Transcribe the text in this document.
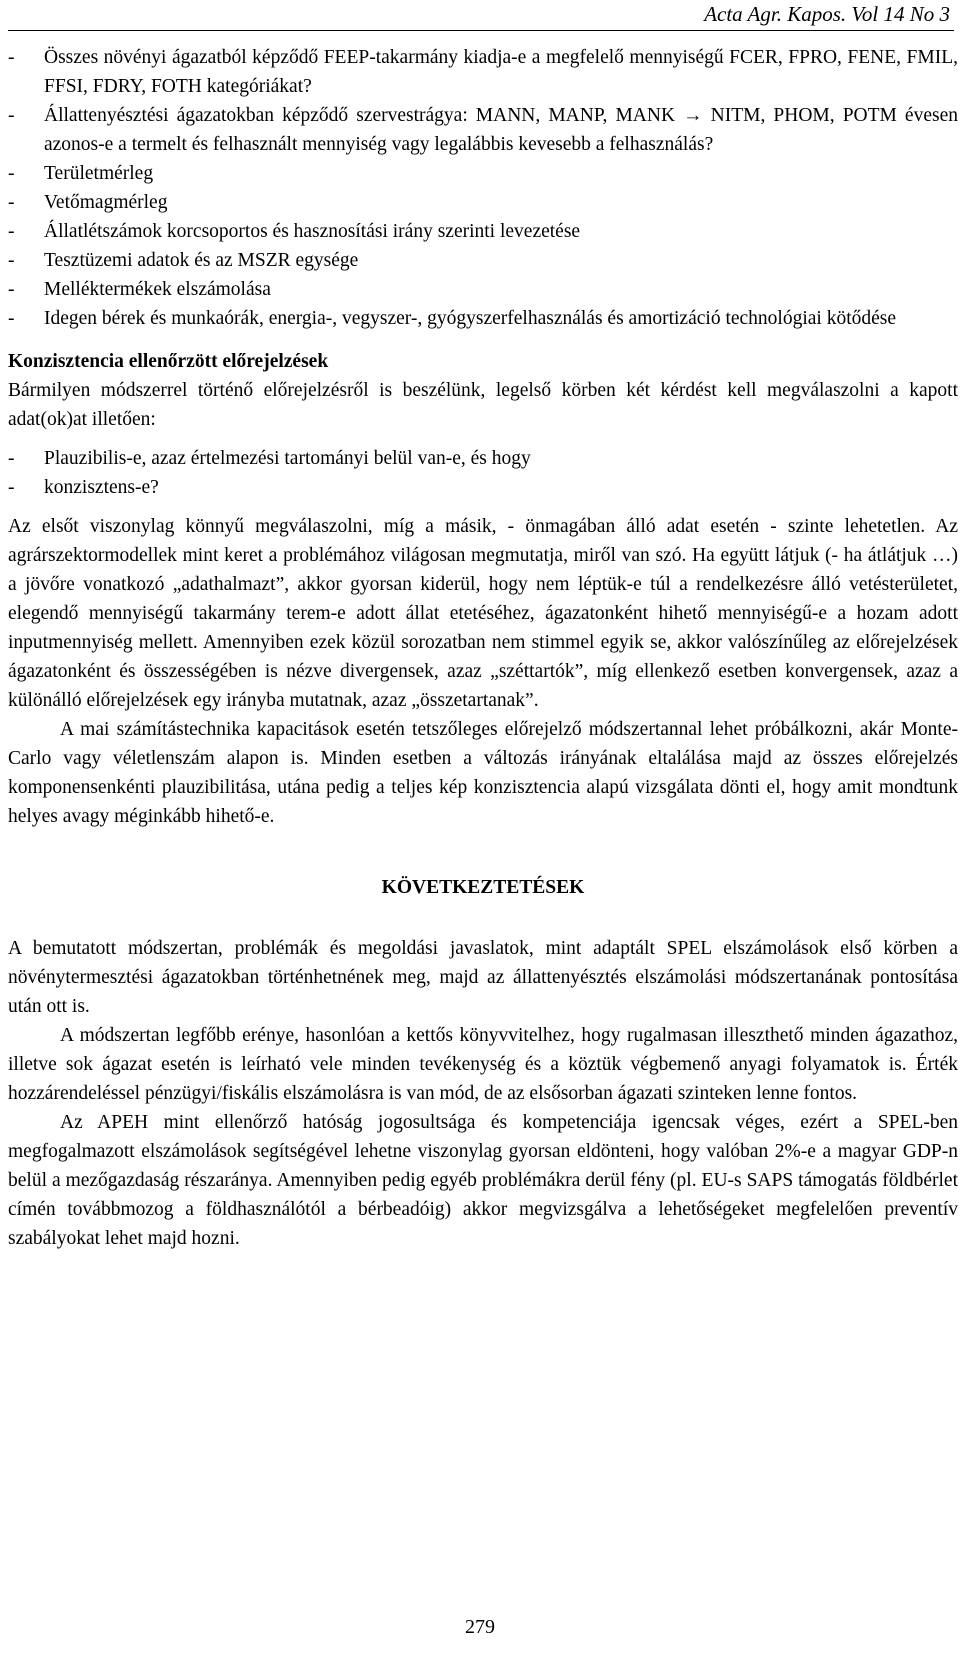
Acta Agr. Kapos. Vol 14 No 3
- Összes növényi ágazatból képződő FEEP-takarmány kiadja-e a megfelelő mennyiségű FCER, FPRO, FENE, FMIL, FFSI, FDRY, FOTH kategóriákat?
- Állattenyésztési ágazatokban képződő szervestrágya: MANN, MANP, MANK → NITM, PHOM, POTM évesen azonos-e a termelt és felhasznált mennyiség vagy legalábbis kevesebb a felhasználás?
- Területmérleg
- Vetőmagmérleg
- Állatlétszámok korcsoportos és hasznosítási irány szerinti levezetése
- Tesztüzemi adatok és az MSZR egysége
- Melléktermékek elszámolása
- Idegen bérek és munkaórák, energia-, vegyszer-, gyógyszerfelhasználás és amortizáció technológiai kötődése
Konzisztencia ellenőrzött előrejelzések

Bármilyen módszerrel történő előrejelzésről is beszélünk, legelső körben két kérdést kell megválaszolni a kapott adat(ok)at illetően:

- Plauzibilis-e, azaz értelmezési tartományi belül van-e, és hogy
- konzisztens-e?

Az elsőt viszonylag könnyű megválaszolni, míg a másik, - önmagában álló adat esetén - szinte lehetetlen. Az agrárszektormodellek mint keret a problémához világosan megmutatja, miről van szó. Ha együtt látjuk (- ha átlátjuk …) a jövőre vonatkozó „adathalmazt”, akkor gyorsan kiderül, hogy nem léptük-e túl a rendelkezésre álló vetésterületet, elegendő mennyiségű takarmány terem-e adott állat etetéséhez, ágazatonként hihető mennyiségű-e a hozam adott inputmennyiség mellett. Amennyiben ezek közül sorozatban nem stimmel egyik se, akkor valószínűleg az előrejelzések ágazatonként és összességében is nézve divergensek, azaz „széttartók”, míg ellenkező esetben konvergensek, azaz a különálló előrejelzések egy irányba mutatnak, azaz „összetartanak”.

A mai számítástechnika kapacitások esetén tetszőleges előrejelző módszertannal lehet próbálkozni, akár Monte-Carlo vagy véletlenszám alapon is. Minden esetben a változás irányának eltalálása majd az összes előrejelzés komponensenkénti plauzibilitása, utána pedig a teljes kép konzisztencia alapú vizsgálata dönti el, hogy amit mondtunk helyes avagy méginkább hihető-e.

KÖVETKEZTETÉSEK

A bemutatott módszertan, problémák és megoldási javaslatok, mint adaptált SPEL elszámolások első körben a növénytermesztési ágazatokban történhetnének meg, majd az állattenyésztés elszámolási módszertanának pontosítása után ott is.

A módszertan legfőbb erénye, hasonlóan a kettős könyvvitelhez, hogy rugalmasan illeszthető minden ágazathoz, illetve sok ágazat esetén is leírható vele minden tevékenység és a köztük végbemenő anyagi folyamatok is. Érték hozzárendeléssel pénzügyi/fiskális elszámolásra is van mód, de az elsősorban ágazati szinteken lenne fontos.

Az APEH mint ellenőrző hatóság jogosultsága és kompetenciája igencsak véges, ezért a SPEL-ben megfogalmazott elszámolások segítségével lehetne viszonylag gyorsan eldönteni, hogy valóban 2%-e a magyar GDP-n belül a mezőgazdaság részaránya. Amennyiben pedig egyéb problémákra derül fény (pl. EU-s SAPS támogatás földbérlet címén továbbmozog a földhasználótól a bérbeadóig) akkor megvizsgálva a lehetőségeket megfelelően preventív szabályokat lehet majd hozni.

279
